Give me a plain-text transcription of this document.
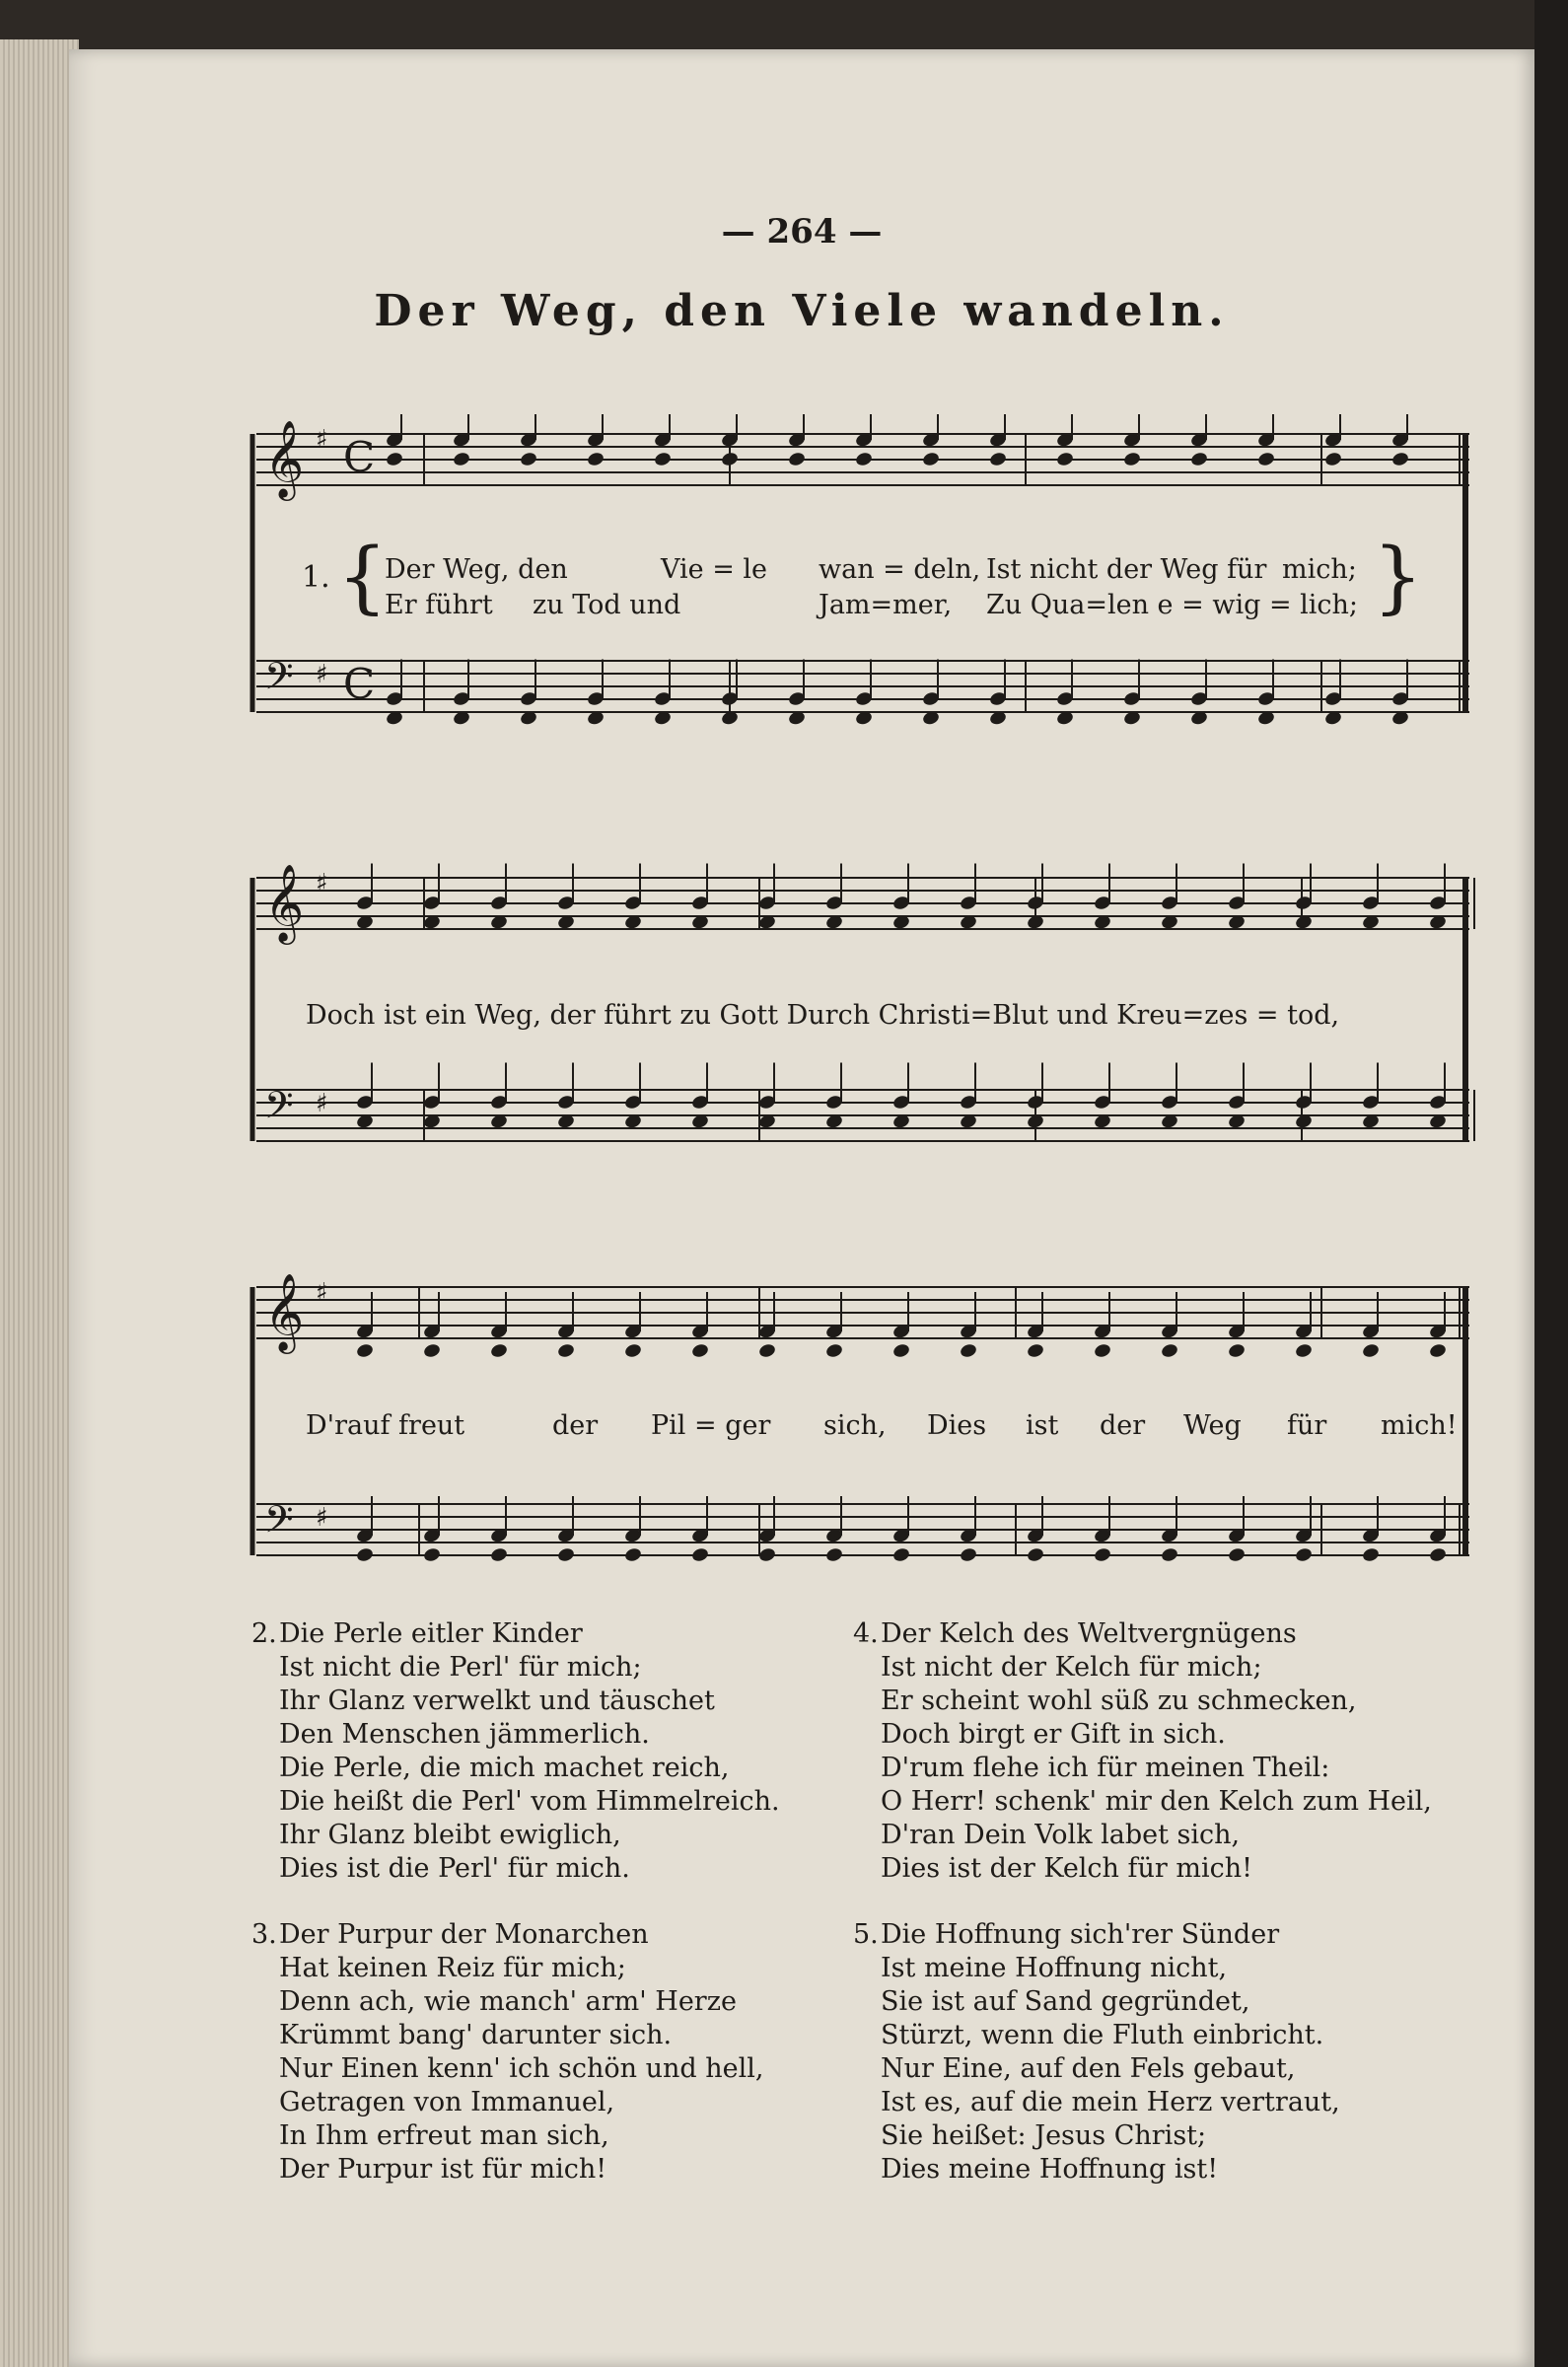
— 264 —
Der Weg, den Viele wandeln.
𝄞 ♯ C
𝄢 ♯ C
𝄞 ♯
𝄢 ♯
𝄞 ♯
𝄢 ♯
1. {	}
Der Weg, den	Vie = le wan = deln, Ist nicht der Weg für mich;
Er führt zu Tod und	Jam=mer, Zu Qua=len e = wig = lich;
Doch ist ein Weg, der führt zu Gott Durch Christi=Blut und Kreu=zes = tod,
D'rauf freut	der Pil = ger sich, Dies ist der Weg für mich!
2.Die Perle eitler Kinder
Ist nicht die Perl' für mich;
Ihr Glanz verwelkt und täuschet
Den Menschen jämmerlich.
Die Perle, die mich machet reich,
Die heißt die Perl' vom Himmelreich.
Ihr Glanz bleibt ewiglich,
Dies ist die Perl' für mich.
4.Der Kelch des Weltvergnügens
Ist nicht der Kelch für mich;
Er scheint wohl süß zu schmecken,
Doch birgt er Gift in sich.
D'rum flehe ich für meinen Theil:
O Herr! schenk' mir den Kelch zum Heil,
D'ran Dein Volk labet sich,
Dies ist der Kelch für mich!
3.Der Purpur der Monarchen
Hat keinen Reiz für mich;
Denn ach, wie manch' arm' Herze
Krümmt bang' darunter sich.
Nur Einen kenn' ich schön und hell,
Getragen von Immanuel,
In Ihm erfreut man sich,
Der Purpur ist für mich!
5.Die Hoffnung sich'rer Sünder
Ist meine Hoffnung nicht,
Sie ist auf Sand gegründet,
Stürzt, wenn die Fluth einbricht.
Nur Eine, auf den Fels gebaut,
Ist es, auf die mein Herz vertraut,
Sie heißet: Jesus Christ;
Dies meine Hoffnung ist!
